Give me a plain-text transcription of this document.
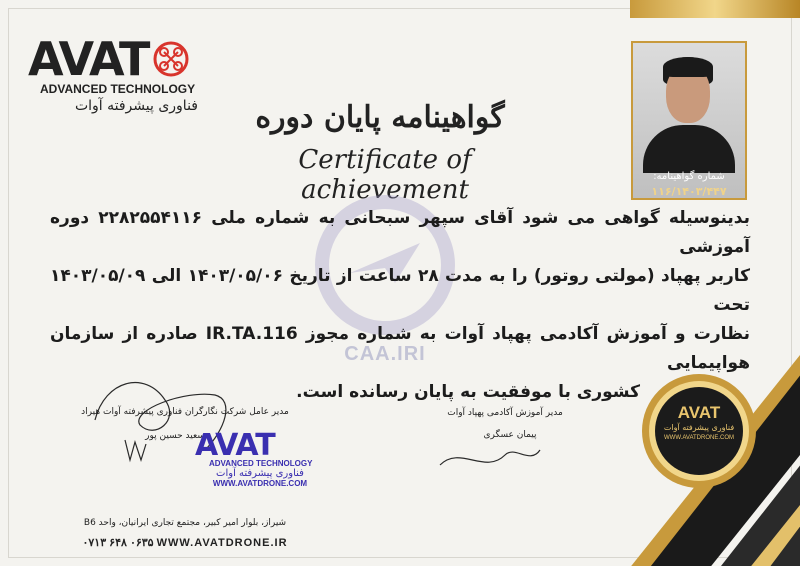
AVAT
ADVANCED TECHNOLOGY
فناوری پیشرفته آوات	گواهینامه پایان دوره
Certificate of achievement	شماره گواهینامه:
۱۱۶/۱۴۰۳/۴۴۷
CAA.IRI
بدینوسیله گواهی می شود آقای سپهر سبحانی به شماره ملی ۲۲۸۲۵۵۴۱۱۶ دوره آموزشی
کاربر پهپاد (مولتی روتور) را به مدت ۲۸ ساعت از تاریخ ۱۴۰۳/۰۵/۰۶ الی ۱۴۰۳/۰۵/۰۹ تحت
نظارت و آموزش آکادمی پهپاد آوات به شماره مجوز IR.TA.116 صادره از سازمان هواپیمایی
کشوری با موفقیت به پایان رسانده است.
AVAT
فناوری پیشرفته آوات
WWW.AVATDRONE.COM
مدیر عامل شرکت نگارگران فناوری پیشرفته آوات هیراد
سعید حسین پور
مدیر آموزش آکادمی پهپاد آوات
پیمان عسگری
AVAT
ADVANCED TECHNOLOGY
فناوری پیشرفته آوات
WWW.AVATDRONE.COM
شیراز، بلوار امیر کبیر، مجتمع تجاری ایرانیان، واحد B6
۰۷۱۳ ۶۴۸ ۰۶۳۵ WWW.AVATDRONE.IR
